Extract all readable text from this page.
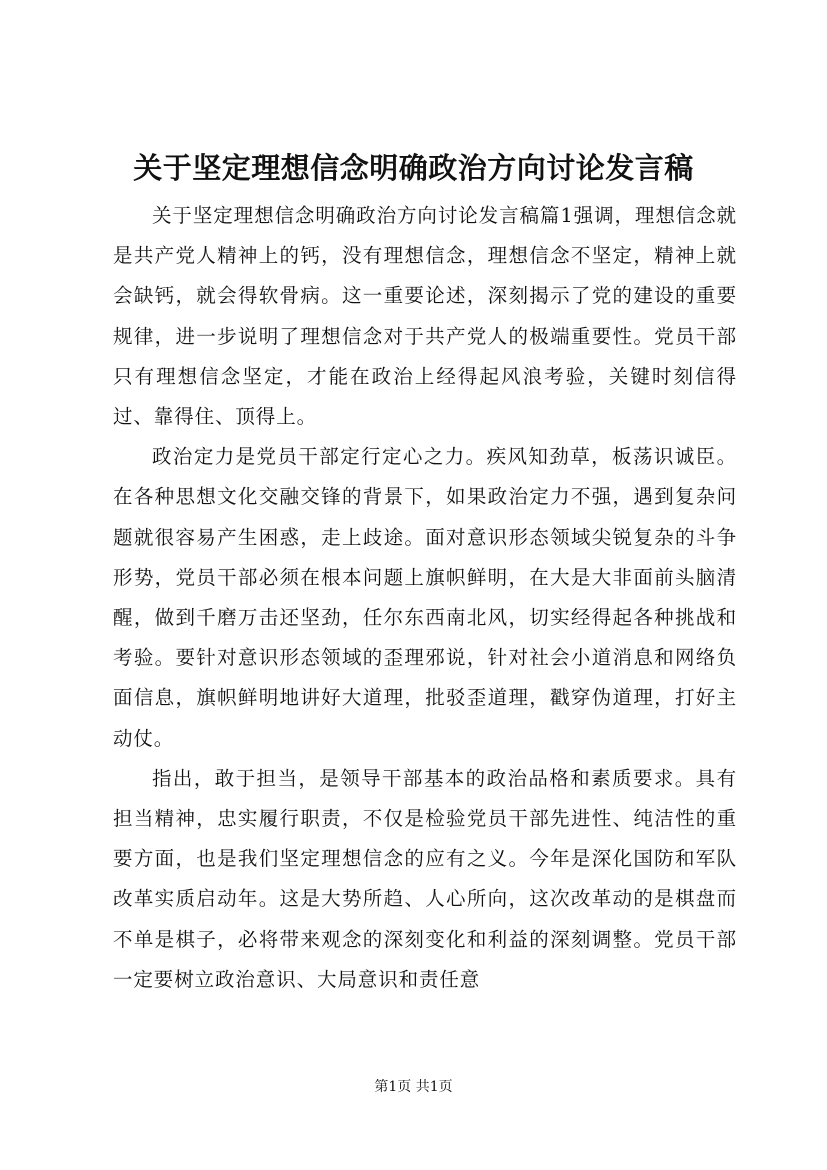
关于坚定理想信念明确政治方向讨论发言稿

关于坚定理想信念明确政治方向讨论发言稿篇1强调，理想信念就是共产党人精神上的钙，没有理想信念，理想信念不坚定，精神上就会缺钙，就会得软骨病。这一重要论述，深刻揭示了党的建设的重要规律，进一步说明了理想信念对于共产党人的极端重要性。党员干部只有理想信念坚定，才能在政治上经得起风浪考验，关键时刻信得过、靠得住、顶得上。

政治定力是党员干部定行定心之力。疾风知劲草，板荡识诚臣。在各种思想文化交融交锋的背景下，如果政治定力不强，遇到复杂问题就很容易产生困惑，走上歧途。面对意识形态领域尖锐复杂的斗争形势，党员干部必须在根本问题上旗帜鲜明，在大是大非面前头脑清醒，做到千磨万击还坚劲，任尔东西南北风，切实经得起各种挑战和考验。要针对意识形态领域的歪理邪说，针对社会小道消息和网络负面信息，旗帜鲜明地讲好大道理，批驳歪道理，戳穿伪道理，打好主动仗。

指出，敢于担当，是领导干部基本的政治品格和素质要求。具有担当精神，忠实履行职责，不仅是检验党员干部先进性、纯洁性的重要方面，也是我们坚定理想信念的应有之义。今年是深化国防和军队改革实质启动年。这是大势所趋、人心所向，这次改革动的是棋盘而不单是棋子，必将带来观念的深刻变化和利益的深刻调整。党员干部一定要树立政治意识、大局意识和责任意

第1页 共1页
